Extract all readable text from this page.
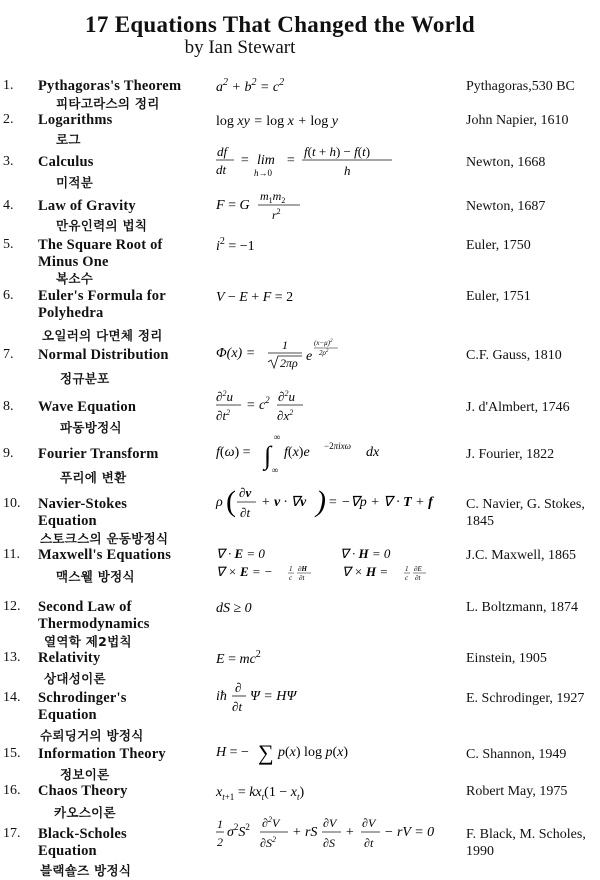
17 Equations That Changed the World
by Ian Stewart
1. Pythagoras's Theorem
피타고라스의 정리
$a^2 + b^2 = c^2$	Pythagoras,530 BC
2. Logarithms
로그
log xy = log x + log y	John Napier, 1610
3. Calculus
미적분
df
dt
= lim
h→0
f(t + h) − f(t)
h
=	Newton, 1668
4. Law of Gravity
만유인력의 법칙
F = G
$m_1m_2$
$r^2$	Newton, 1687
5. The Square Root of Minus One
복소수
$i^2 = -1$	Euler, 1750
6. Euler's Formula for Polyhedra
오일러의 다면체 정리
V − E + F = 2	Euler, 1751
7. Normal Distribution
정규분포
Φ(x) =
1
2πρ e
$(x-\mu)^2$
$2\rho^2$	C.F. Gauss, 1810
8. Wave Equation
파동방정식
∂$^2$u
$\partial t^2 = c^2$ ∂$^2$u
$\partial x^2$	J. d'Almbert, 1746
9. Fourier Transform
푸리에 변환
f(ω) = ∫
∞
∞
f(x)e −2πixω dx	J. Fourier, 1822
10. Navier-Stokes Equation
스토크스의 운동방정식
ρ ( ∂v
∂t
+ v · ∇v ) = −∇p + ∇ · T + f C. Navier, G. Stokes, 1845
11. Maxwell's Equations
맥스웰 방정식
∇ · E = 0	∇ · H = 0
∇ × E = − 1
c
∂H
∂t	∇ × H = 1
c
∂E
∂t
J.C. Maxwell, 1865
12. Second Law of Thermodynamics
열역학 제2법칙
dS ≥ 0	L. Boltzmann, 1874
13. Relativity
상대성이론
$E = mc^2$	Einstein, 1905
14. Schrodinger's Equation
슈뢰딩거의 방정식
iħ
∂
∂t
Ψ = HΨ	E. Schrodinger, 1927
15. Information Theory
정보이론
H = − ∑ p(x) log p(x)	C. Shannon, 1949
16. Chaos Theory
카오스이론
$x_{t+1} = kx_t(1 - x_t)$	Robert May, 1975
17. Black-Scholes Equation
블랙숄즈 방정식
1
2
$\sigma^2S^2$ ∂$^2$V
$\partial S^2$ + rS
∂V
∂S
+
∂V
∂t
− rV = 0 F. Black, M. Scholes, 1990
